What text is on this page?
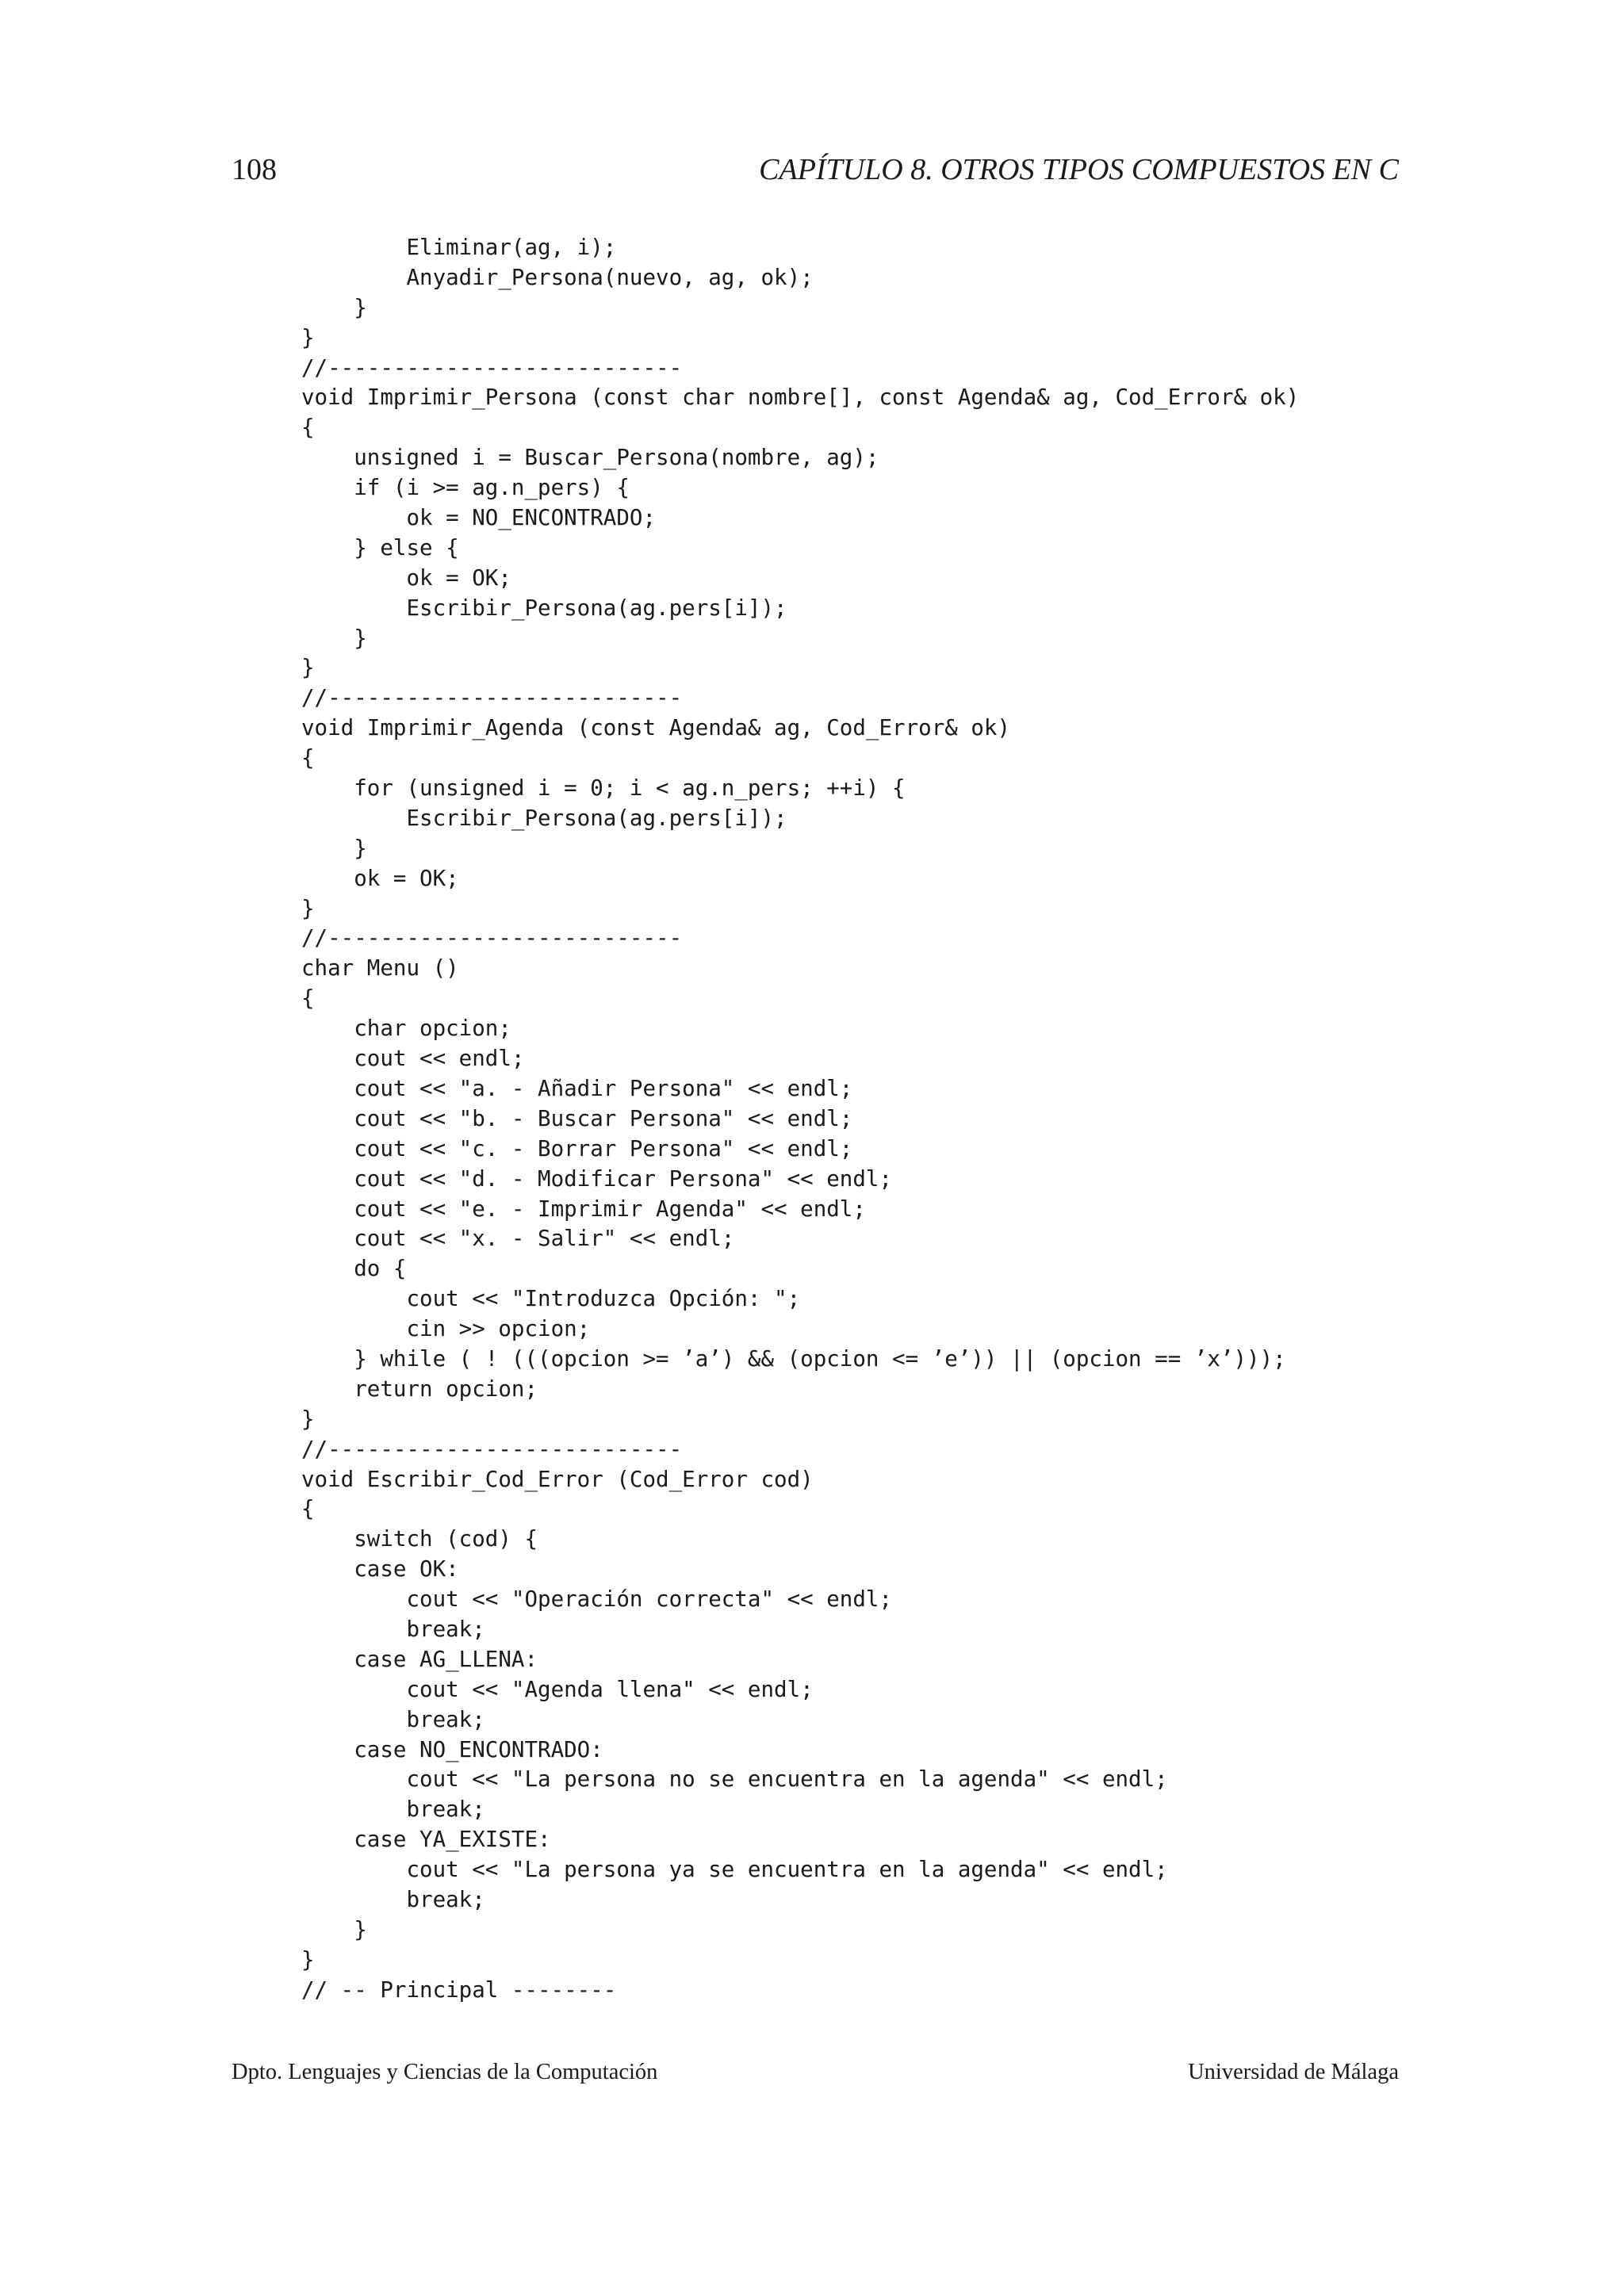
108	CAPÍTULO 8. OTROS TIPOS COMPUESTOS EN C
Eliminar(ag, i);
Anyadir_Persona(nuevo, ag, ok);
}
}
//---------------------------
void Imprimir_Persona (const char nombre[], const Agenda& ag, Cod_Error& ok)
{
unsigned i = Buscar_Persona(nombre, ag);
if (i >= ag.n_pers) {
ok = NO_ENCONTRADO;
} else {
ok = OK;
Escribir_Persona(ag.pers[i]);
}
}
//---------------------------
void Imprimir_Agenda (const Agenda& ag, Cod_Error& ok)
{
for (unsigned i = 0; i < ag.n_pers; ++i) {
Escribir_Persona(ag.pers[i]);
}
ok = OK;
}
//---------------------------
char Menu ()
{
char opcion;
cout << endl;
cout << "a. - Añadir Persona" << endl;
cout << "b. - Buscar Persona" << endl;
cout << "c. - Borrar Persona" << endl;
cout << "d. - Modificar Persona" << endl;
cout << "e. - Imprimir Agenda" << endl;
cout << "x. - Salir" << endl;
do {
cout << "Introduzca Opción: ";
cin >> opcion;
} while ( ! (((opcion >= ’a’) && (opcion <= ’e’)) || (opcion == ’x’)));
return opcion;
}
//---------------------------
void Escribir_Cod_Error (Cod_Error cod)
{
switch (cod) {
case OK:
cout << "Operación correcta" << endl;
break;
case AG_LLENA:
cout << "Agenda llena" << endl;
break;
case NO_ENCONTRADO:
cout << "La persona no se encuentra en la agenda" << endl;
break;
case YA_EXISTE:
cout << "La persona ya se encuentra en la agenda" << endl;
break;
}
}
// -- Principal --------
Dpto. Lenguajes y Ciencias de la Computación	Universidad de Málaga
